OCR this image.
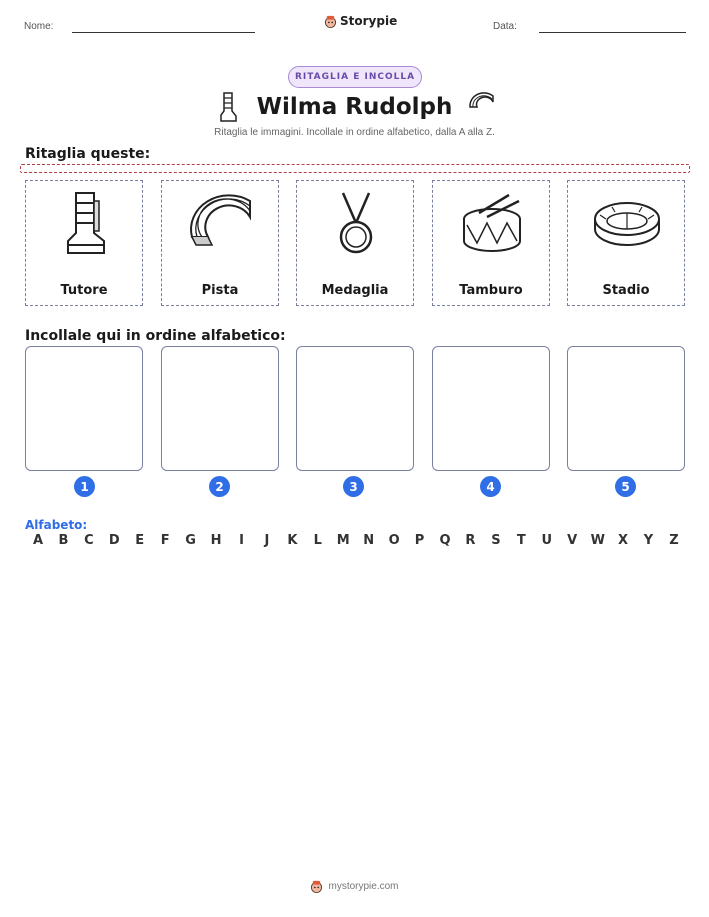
Nome:	Storypie	Data:
RITAGLIA E INCOLLA
Wilma Rudolph
Ritaglia le immagini. Incollale in ordine alfabetico, dalla A alla Z.
Ritaglia queste:
Tutore	Pista	Medaglia	Tamburo	Stadio
Incollale qui in ordine alfabetico:
1	2	3	4	5
Alfabeto:
A B C D E F G H	I	J	K L M N O P Q R S T U V W X Y Z
mystorypie.com
